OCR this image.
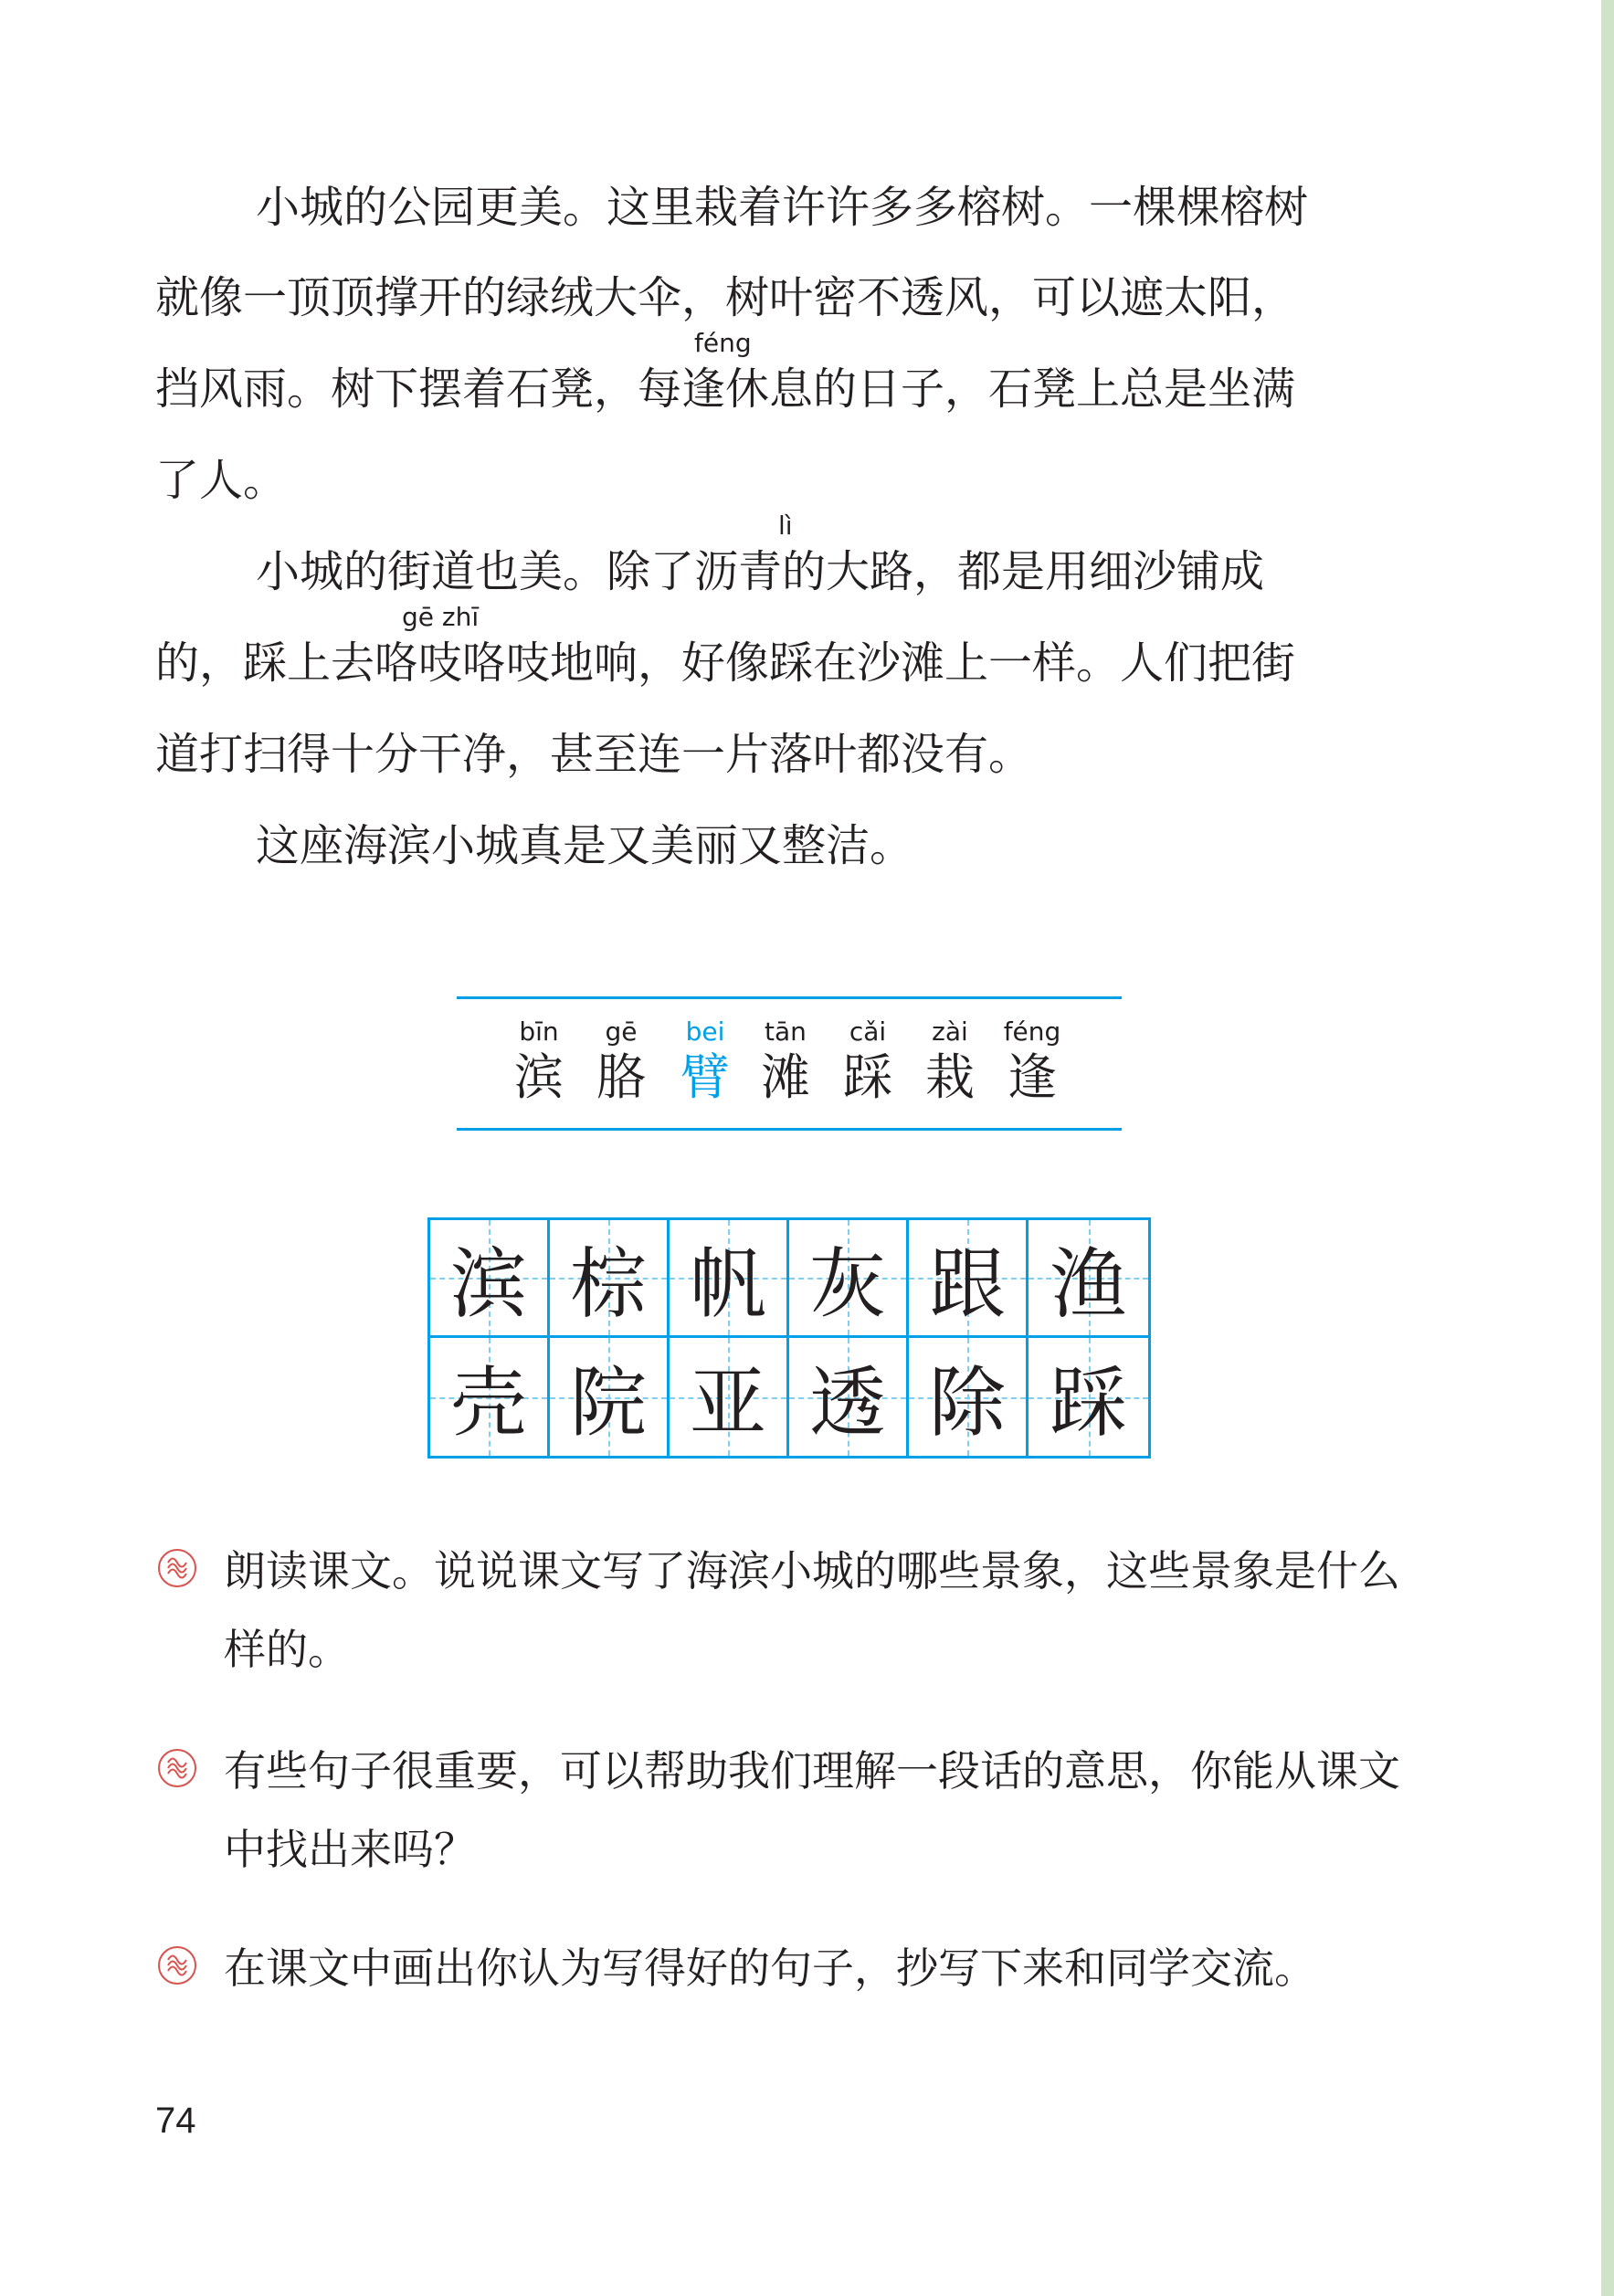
小城的公园更美。这里栽着许许多多榕树。一棵棵榕树
就像一顶顶撑开的绿绒大伞，树叶密不透风，可以遮太阳，
féng
挡风雨。树下摆着石凳，每逢休息的日子，石凳上总是坐满
了人。
lì
小城的街道也美。除了沥青的大路，都是用细沙铺成
gē zhī
的，踩上去咯吱咯吱地响，好像踩在沙滩上一样。人们把街
道打扫得十分干净，甚至连一片落叶都没有。
这座海滨小城真是又美丽又整洁。
bīn
滨
gē
胳
bei
臂
tān
滩
cǎi
踩
zài
栽
féng
逢
滨 棕 帆 灰 跟 渔
壳 院 亚 透 除 踩
朗读课文。说说课文写了海滨小城的哪些景象，这些景象是什么
样的。
有些句子很重要，可以帮助我们理解一段话的意思，你能从课文
中找出来吗？
在课文中画出你认为写得好的句子，抄写下来和同学交流。
74
